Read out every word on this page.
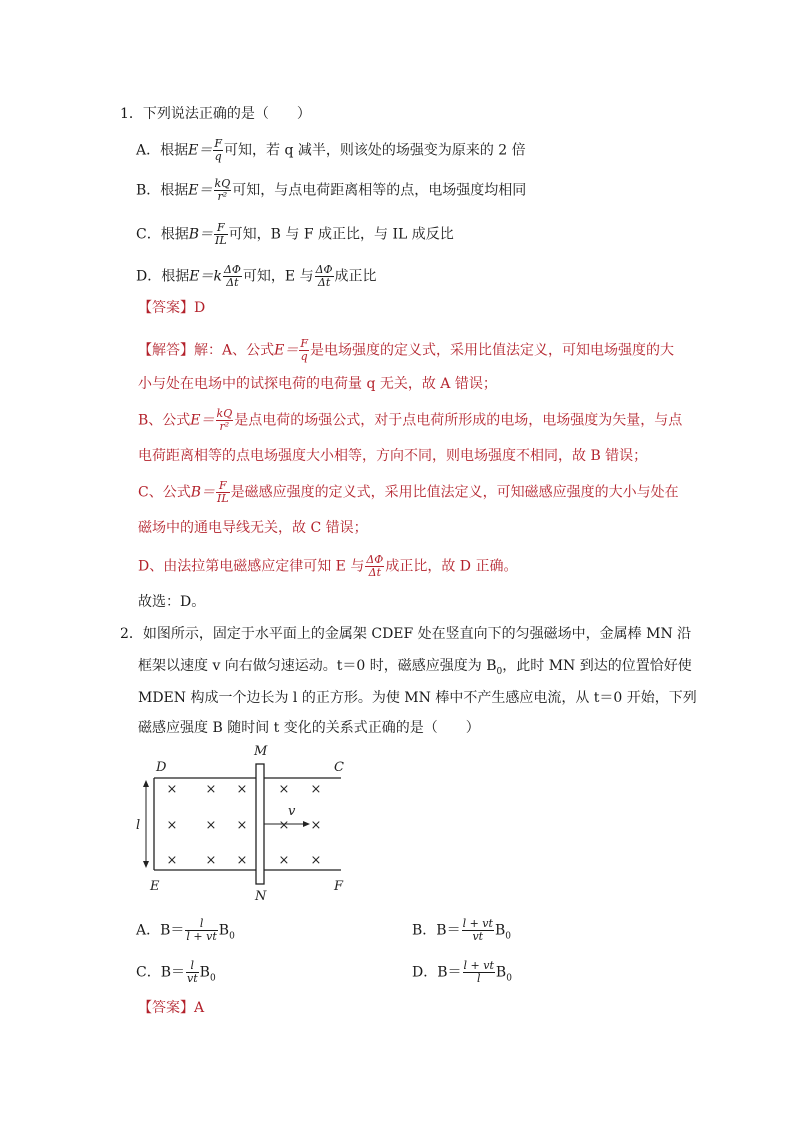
1．下列说法正确的是（　　）
A．根据$E= \frac{F}{q}$ 可知，若 q 减半，则该处的场强变为原来的 2 倍
B．根据$E= \frac{kQ}{\text{r²}}$ 可知，与点电荷距离相等的点，电场强度均相同
C．根据$B= \frac{F}{IL}$ 可知，B 与 F 成正比，与 IL 成反比
D．根据$E=k \frac{\Delta\Phi}{\Delta t}$ 可知，E 与 $\frac{\Delta\Phi}{\Delta t}$ 成正比
【答案】D
【解答】解：A、公式$E= \frac{F}{q}$ 是电场强度的定义式，采用比值法定义，可知电场强度的大
小与处在电场中的试探电荷的电荷量 q 无关，故 A 错误；
B、公式$E= \frac{kQ}{\text{r²}}$ 是点电荷的场强公式，对于点电荷所形成的电场，电场强度为矢量，与点
电荷距离相等的点电场强度大小相等，方向不同，则电场强度不相同，故 B 错误；
C、公式$B= \frac{F}{IL}$ 是磁感应强度的定义式，采用比值法定义，可知磁感应强度的大小与处在
磁场中的通电导线无关，故 C 错误；
D、由法拉第电磁感应定律可知 E 与 $\frac{\Delta\Phi}{\Delta t}$ 成正比，故 D 正确。
故选：D。
2．如图所示，固定于水平面上的金属架 CDEF 处在竖直向下的匀强磁场中，金属棒 MN 沿
框架以速度 v 向右做匀速运动。t＝0 时，磁感应强度为 $B_0$，此时 MN 到达的位置恰好使
MDEN 构成一个边长为 l 的正方形。为使 MN 棒中不产生感应电流，从 t＝0 开始，下列
磁感应强度 B 随时间 t 变化的关系式正确的是（　　）
× × × × ×
× × × × ×
× × × × ×
D	C
E	F
M
N
l
v
A．$B= \frac{l}{l + vt} B_0$	B．$B= \frac{l + vt}{vt} B_0$
C．$B= \frac{l}{vt} B_0$	D．$B= \frac{l + vt}{l} B_0$
【答案】A
